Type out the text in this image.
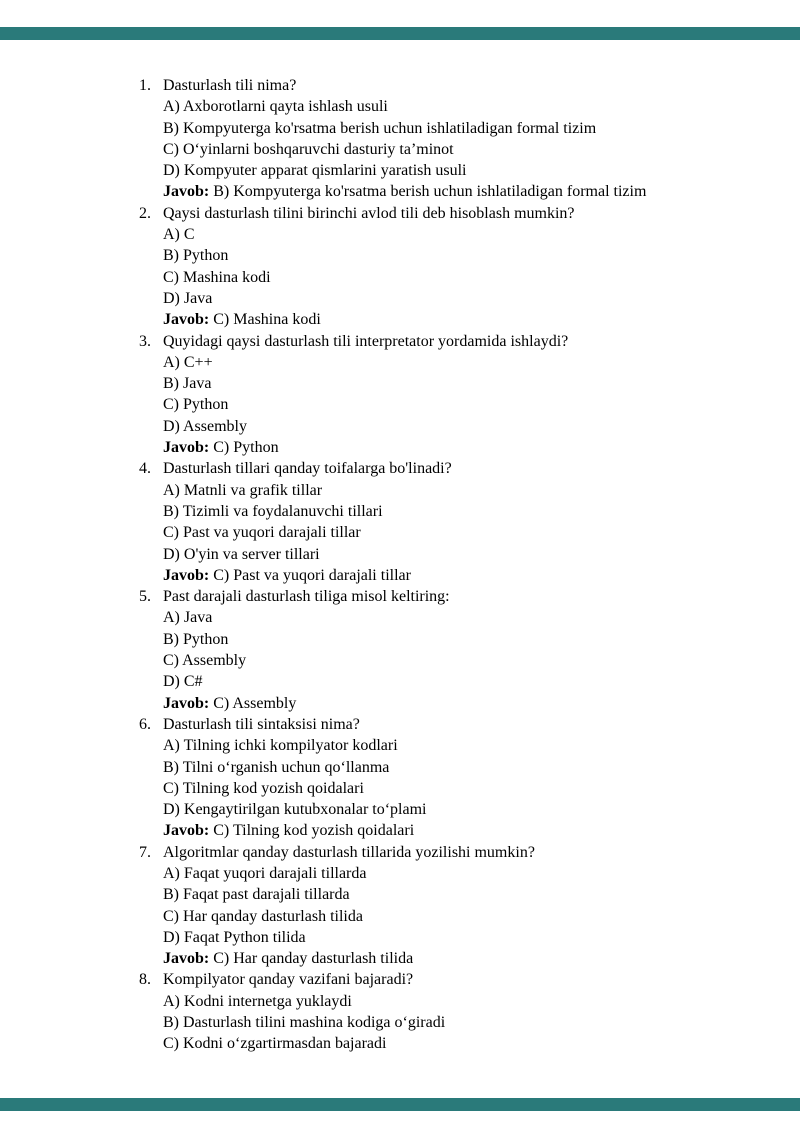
1. Dasturlash tili nima?
A) Axborotlarni qayta ishlash usuli
B) Kompyuterga ko'rsatma berish uchun ishlatiladigan formal tizim
C) O‘yinlarni boshqaruvchi dasturiy ta’minot
D) Kompyuter apparat qismlarini yaratish usuli
Javob: B) Kompyuterga ko'rsatma berish uchun ishlatiladigan formal tizim
2. Qaysi dasturlash tilini birinchi avlod tili deb hisoblash mumkin?
A) C
B) Python
C) Mashina kodi
D) Java
Javob: C) Mashina kodi
3. Quyidagi qaysi dasturlash tili interpretator yordamida ishlaydi?
A) C++
B) Java
C) Python
D) Assembly
Javob: C) Python
4. Dasturlash tillari qanday toifalarga bo'linadi?
A) Matnli va grafik tillar
B) Tizimli va foydalanuvchi tillari
C) Past va yuqori darajali tillar
D) O'yin va server tillari
Javob: C) Past va yuqori darajali tillar
5. Past darajali dasturlash tiliga misol keltiring:
A) Java
B) Python
C) Assembly
D) C#
Javob: C) Assembly
6. Dasturlash tili sintaksisi nima?
A) Tilning ichki kompilyator kodlari
B) Tilni o‘rganish uchun qo‘llanma
C) Tilning kod yozish qoidalari
D) Kengaytirilgan kutubxonalar to‘plami
Javob: C) Tilning kod yozish qoidalari
7. Algoritmlar qanday dasturlash tillarida yozilishi mumkin?
A) Faqat yuqori darajali tillarda
B) Faqat past darajali tillarda
C) Har qanday dasturlash tilida
D) Faqat Python tilida
Javob: C) Har qanday dasturlash tilida
8. Kompilyator qanday vazifani bajaradi?
A) Kodni internetga yuklaydi
B) Dasturlash tilini mashina kodiga o‘giradi
C) Kodni o‘zgartirmasdan bajaradi
